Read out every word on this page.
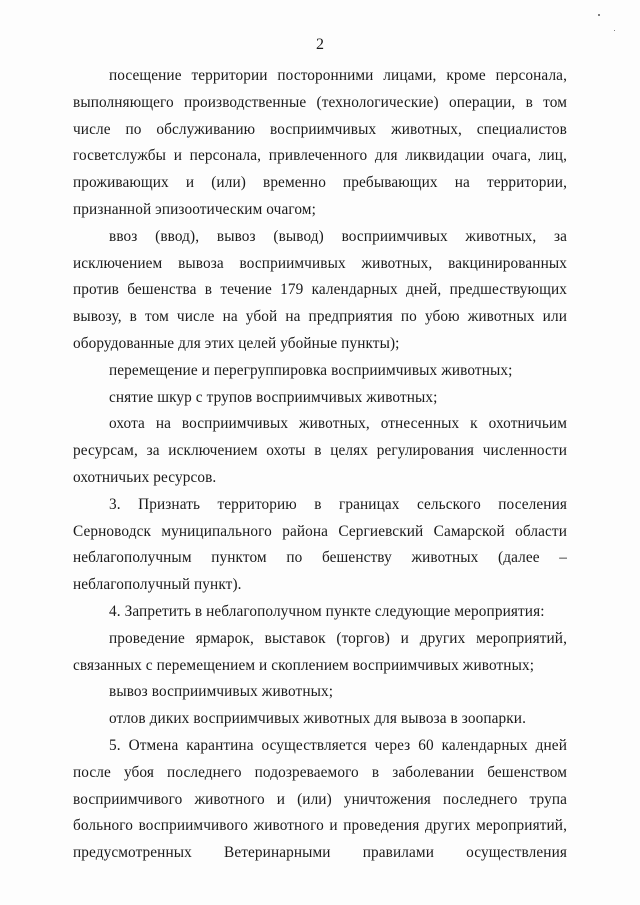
2

посещение территории посторонними лицами, кроме персонала, выполняющего производственные (технологические) операции, в том числе по обслуживанию восприимчивых животных, специалистов госветслужбы и персонала, привлеченного для ликвидации очага, лиц, проживающих и (или) временно пребывающих на территории, признанной эпизоотическим очагом;

ввоз (ввод), вывоз (вывод) восприимчивых животных, за исключением вывоза восприимчивых животных, вакцинированных против бешенства в течение 179 календарных дней, предшествующих вывозу, в том числе на убой на предприятия по убою животных или оборудованные для этих целей убойные пункты);

перемещение и перегруппировка восприимчивых животных;

снятие шкур с трупов восприимчивых животных;

охота на восприимчивых животных, отнесенных к охотничьим ресурсам, за исключением охоты в целях регулирования численности охотничьих ресурсов.

3. Признать территорию в границах сельского поселения Серноводск муниципального района Сергиевский Самарской области неблагополучным пунктом по бешенству животных (далее – неблагополучный пункт).

4. Запретить в неблагополучном пункте следующие мероприятия:

проведение ярмарок, выставок (торгов) и других мероприятий, связанных с перемещением и скоплением восприимчивых животных;

вывоз восприимчивых животных;

отлов диких восприимчивых животных для вывоза в зоопарки.

5. Отмена карантина осуществляется через 60 календарных дней после убоя последнего подозреваемого в заболевании бешенством восприимчивого животного и (или) уничтожения последнего трупа больного восприимчивого животного и проведения других мероприятий, предусмотренных Ветеринарными правилами осуществления
